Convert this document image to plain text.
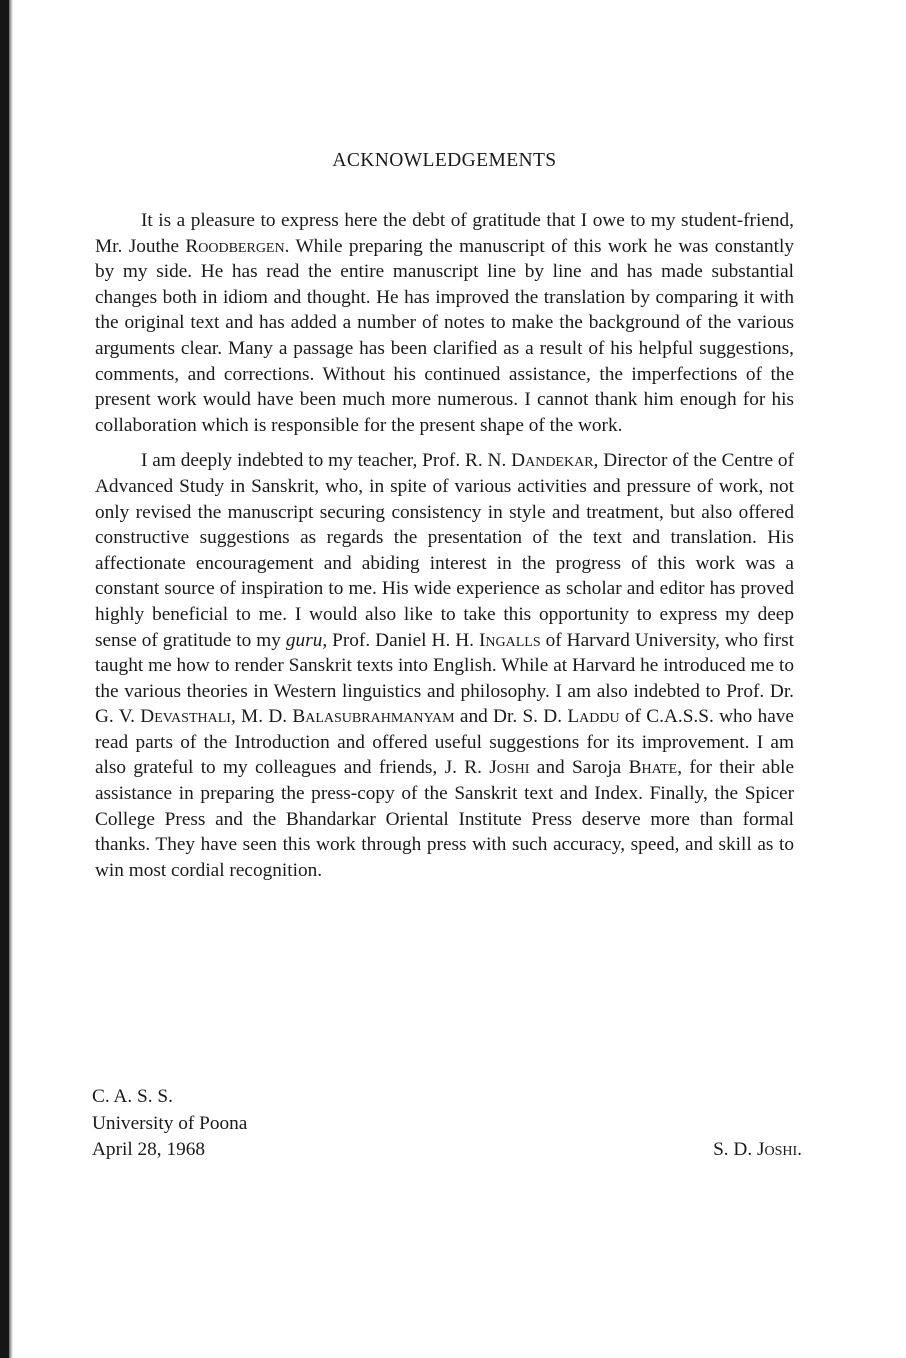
ACKNOWLEDGEMENTS
It is a pleasure to express here the debt of gratitude that I owe to my student-friend, Mr. Jouthe Roodbergen. While preparing the manuscript of this work he was constantly by my side. He has read the entire manuscript line by line and has made substantial changes both in idiom and thought. He has improved the translation by comparing it with the original text and has added a number of notes to make the background of the various arguments clear. Many a passage has been clarified as a result of his helpful suggestions, comments, and corrections. Without his continued assistance, the imperfections of the present work would have been much more numerous. I cannot thank him enough for his collaboration which is responsible for the present shape of the work.
I am deeply indebted to my teacher, Prof. R. N. Dandekar, Director of the Centre of Advanced Study in Sanskrit, who, in spite of various activities and pressure of work, not only revised the manuscript securing consistency in style and treatment, but also offered constructive suggestions as regards the presentation of the text and translation. His affectionate encouragement and abiding interest in the progress of this work was a constant source of inspiration to me. His wide experience as scholar and editor has proved highly beneficial to me. I would also like to take this opportunity to express my deep sense of gratitude to my guru, Prof. Daniel H. H. Ingalls of Harvard University, who first taught me how to render Sanskrit texts into English. While at Harvard he introduced me to the various theories in Western linguistics and philosophy. I am also indebted to Prof. Dr. G. V. Devasthali, M. D. Balasubrahmanyam and Dr. S. D. Laddu of C.A.S.S. who have read parts of the Introduction and offered useful suggestions for its improvement. I am also grateful to my colleagues and friends, J. R. Joshi and Saroja Bhate, for their able assistance in preparing the press-copy of the Sanskrit text and Index. Finally, the Spicer College Press and the Bhandarkar Oriental Institute Press deserve more than formal thanks. They have seen this work through press with such accuracy, speed, and skill as to win most cordial recognition.
C. A. S. S.
University of Poona
April 28, 1968	S. D. Joshi.
